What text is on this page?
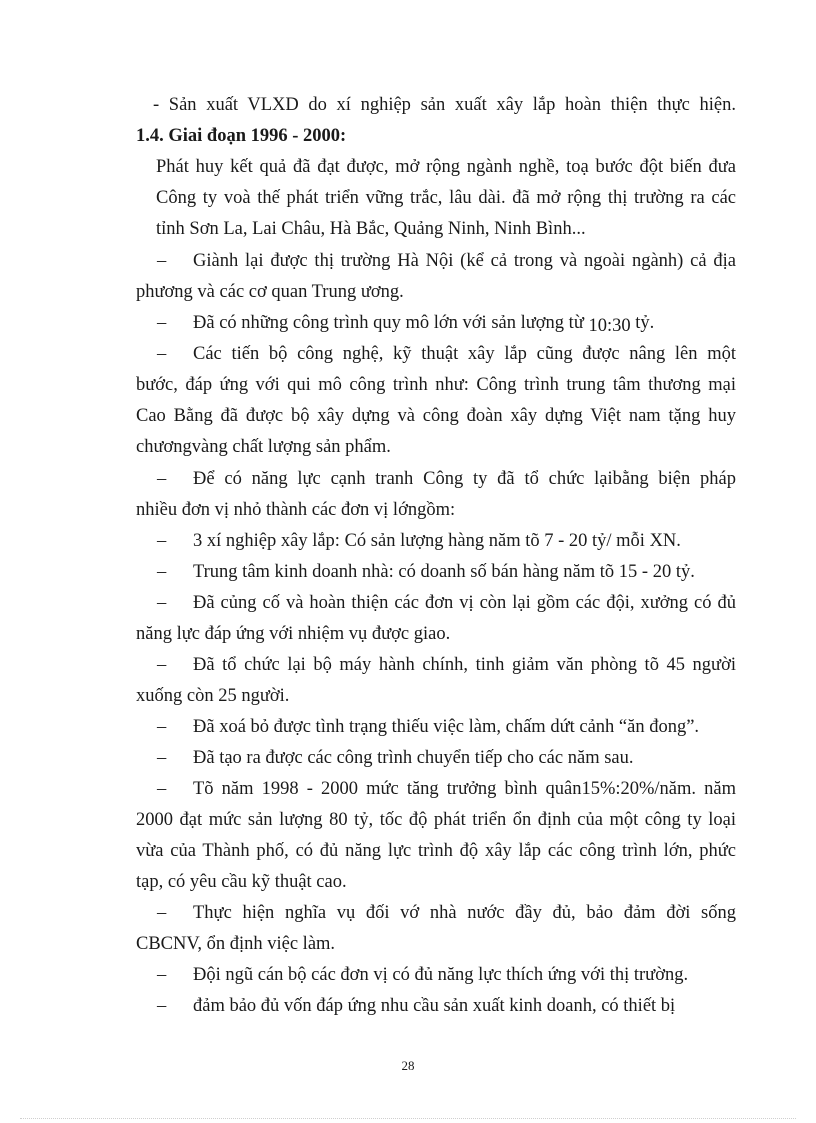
- Sản xuất VLXD do xí nghiệp sản xuất xây lắp hoàn thiện thực hiện.
1.4. Giai đoạn 1996 - 2000:
Phát huy kết quả đã đạt được, mở rộng ngành nghề, toạ bước đột biến đưa
Công ty voà thế phát triển vững trắc, lâu dài. đã mở rộng thị trường ra các
tỉnh Sơn La, Lai Châu, Hà Bắc, Quảng Ninh, Ninh Bình...
– Giành lại được thị trường Hà Nội (kể cả trong và ngoài ngành) cả địa
phương và các cơ quan Trung ương.
– Đã có những công trình quy mô lớn với sản lượng từ 10:30 tỷ.
– Các tiến bộ công nghệ, kỹ thuật xây lắp cũng được nâng lên một
bước, đáp ứng với qui mô công trình như: Công trình trung tâm thương mại
Cao Bằng đã được bộ xây dựng và công đoàn xây dựng Việt nam tặng huy
chươngvàng chất lượng sản phẩm.
– Để có năng lực cạnh tranh Công ty đã tổ chức lạibằng biện pháp
nhiều đơn vị nhỏ thành các đơn vị lớngồm:
– 3 xí nghiệp xây lắp: Có sản lượng hàng năm tõ 7 - 20 tỷ/ mỗi XN.
– Trung tâm kinh doanh nhà: có doanh số bán hàng năm tõ 15 - 20 tỷ.
– Đã củng cố và hoàn thiện các đơn vị còn lại gồm các đội, xưởng có đủ
năng lực đáp ứng với nhiệm vụ được giao.
– Đã tổ chức lại bộ máy hành chính, tinh giảm văn phòng tõ 45 người
xuống còn 25 người.
– Đã xoá bỏ được tình trạng thiếu việc làm, chấm dứt cảnh “ăn đong”.
– Đã tạo ra được các công trình chuyển tiếp cho các năm sau.
– Tõ năm 1998 - 2000 mức tăng trưởng bình quân15%:20%/năm. năm
2000 đạt mức sản lượng 80 tỷ, tốc độ phát triển ổn định của một công ty loại
vừa của Thành phố, có đủ năng lực trình độ xây lắp các công trình lớn, phức
tạp, có yêu cầu kỹ thuật cao.
– Thực hiện nghĩa vụ đối vớ nhà nước đầy đủ, bảo đảm đời sống
CBCNV, ổn định việc làm.
– Đội ngũ cán bộ các đơn vị có đủ năng lực thích ứng với thị trường.
– đảm bảo đủ vốn đáp ứng nhu cầu sản xuất kinh doanh, có thiết bị
28
